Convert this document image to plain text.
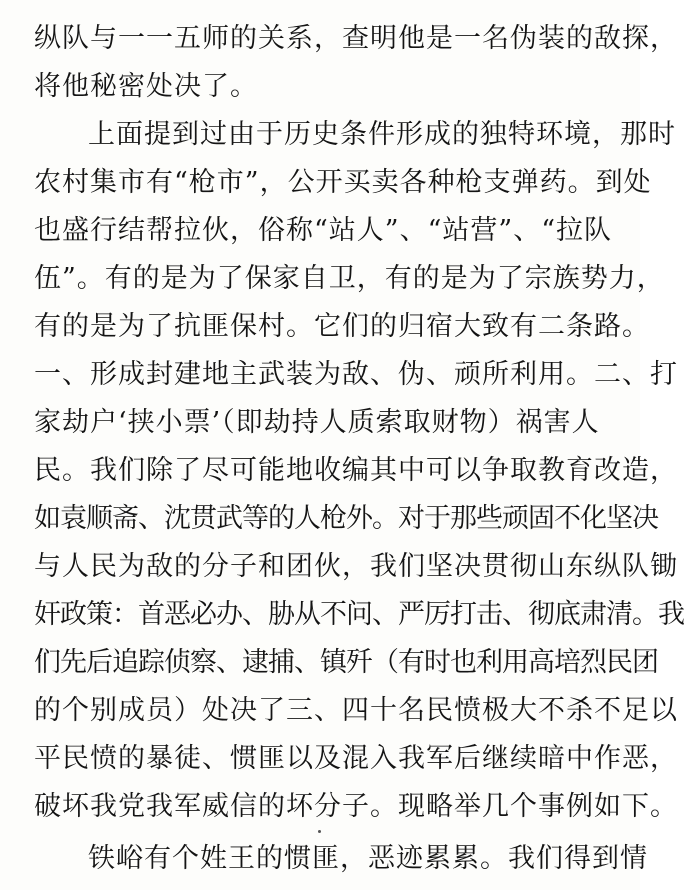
纵队与一一五师的关系，查明他是一名伪装的敌探，
将他秘密处决了。
上面提到过由于历史条件形成的独特环境，那时
农村集市有“枪市”，公开买卖各种枪支弹药。到处
也盛行结帮拉伙，俗称“站人”、“站营”、“拉队
伍”。有的是为了保家自卫，有的是为了宗族势力，
有的是为了抗匪保村。它们的归宿大致有二条路。
一、形成封建地主武装为敌、伪、顽所利用。二、打
家劫户‘挟小票’（即劫持人质索取财物）祸害人
民。我们除了尽可能地收编其中可以争取教育改造，
如袁顺斋、沈贯武等的人枪外。对于那些顽固不化坚决
与人民为敌的分子和团伙，我们坚决贯彻山东纵队锄
奸政策：首恶必办、胁从不问、严厉打击、彻底肃清。我
们先后追踪侦察、逮捕、镇歼（有时也利用高培烈民团
的个别成员）处决了三、四十名民愤极大不杀不足以
平民愤的暴徒、惯匪以及混入我军后继续暗中作恶，
破坏我党我军威信的坏分子。现略举几个事例如下。
铁峪有个姓王的惯匪，恶迹累累。我们得到情
